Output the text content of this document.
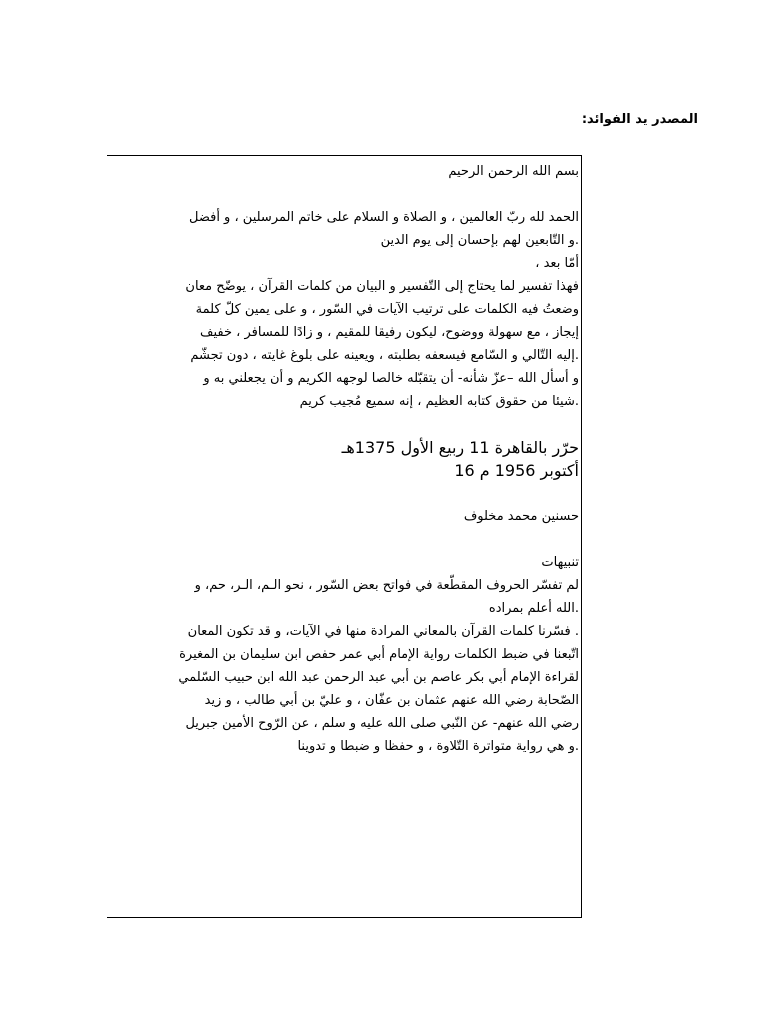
المصدر يد الفوائد:
بسم الله الرحمن الرحيم
الحمد لله ربّ العالمين ، و الصلاة و السلام على خاتم المرسلين ، و أفضل
.و التّابعين لهم بإحسان إلى يوم الدين
أمّا بعد ،
فهذا تفسير لما يحتاج إلى التّفسير و البيان من كلمات القرآن ، يوضّح معان
وضعتُ فيه الكلمات على ترتيب الآيات في السّور ، و على يمين كلّ كلمة
إيجاز ، مع سهولة ووضوح، ليكون رفيقا للمقيم ، و زادًا للمسافر ، خفيف
.إليه التّالي و السّامع فيسعفه بطلبته ، ويعينه على بلوغ غايته ، دون تجشّم
و أسأل الله –عزّ شأنه- أن يتقبّله خالصا لوجهه الكريم و أن يجعلني به و
.شيئا من حقوق كتابه العظيم ، إنه سميع مُجيب كريم
حرّر بالقاهرة 11 ربيع الأول 1375هـ
أكتوبر 1956 م 16
حسنين محمد مخلوف
تنبيهات
لم تفسّر الحروف المقطّعة في فواتح بعض السّور ، نحو الـم، الـر، حم، و
.الله أعلم بمراده
. فسّرنا كلمات القرآن بالمعاني المرادة منها في الآيات، و قد تكون المعان
اتّبعنا في ضبط الكلمات رواية الإمام أبي عمر حفص ابن سليمان بن المغيرة
لقراءة الإمام أبي بكر عاصم بن أبي عبد الرحمن عبد الله ابن حبيب السّلمي
الصّحابة رضي الله عنهم عثمان بن عفّان ، و عليّ بن أبي طالب ، و زيد
رضي الله عنهم- عن النّبي صلى الله عليه و سلم ، عن الرّوح الأمين جبريل
.و هي رواية متواترة التّلاوة ، و حفظا و ضبطا و تدوينا
